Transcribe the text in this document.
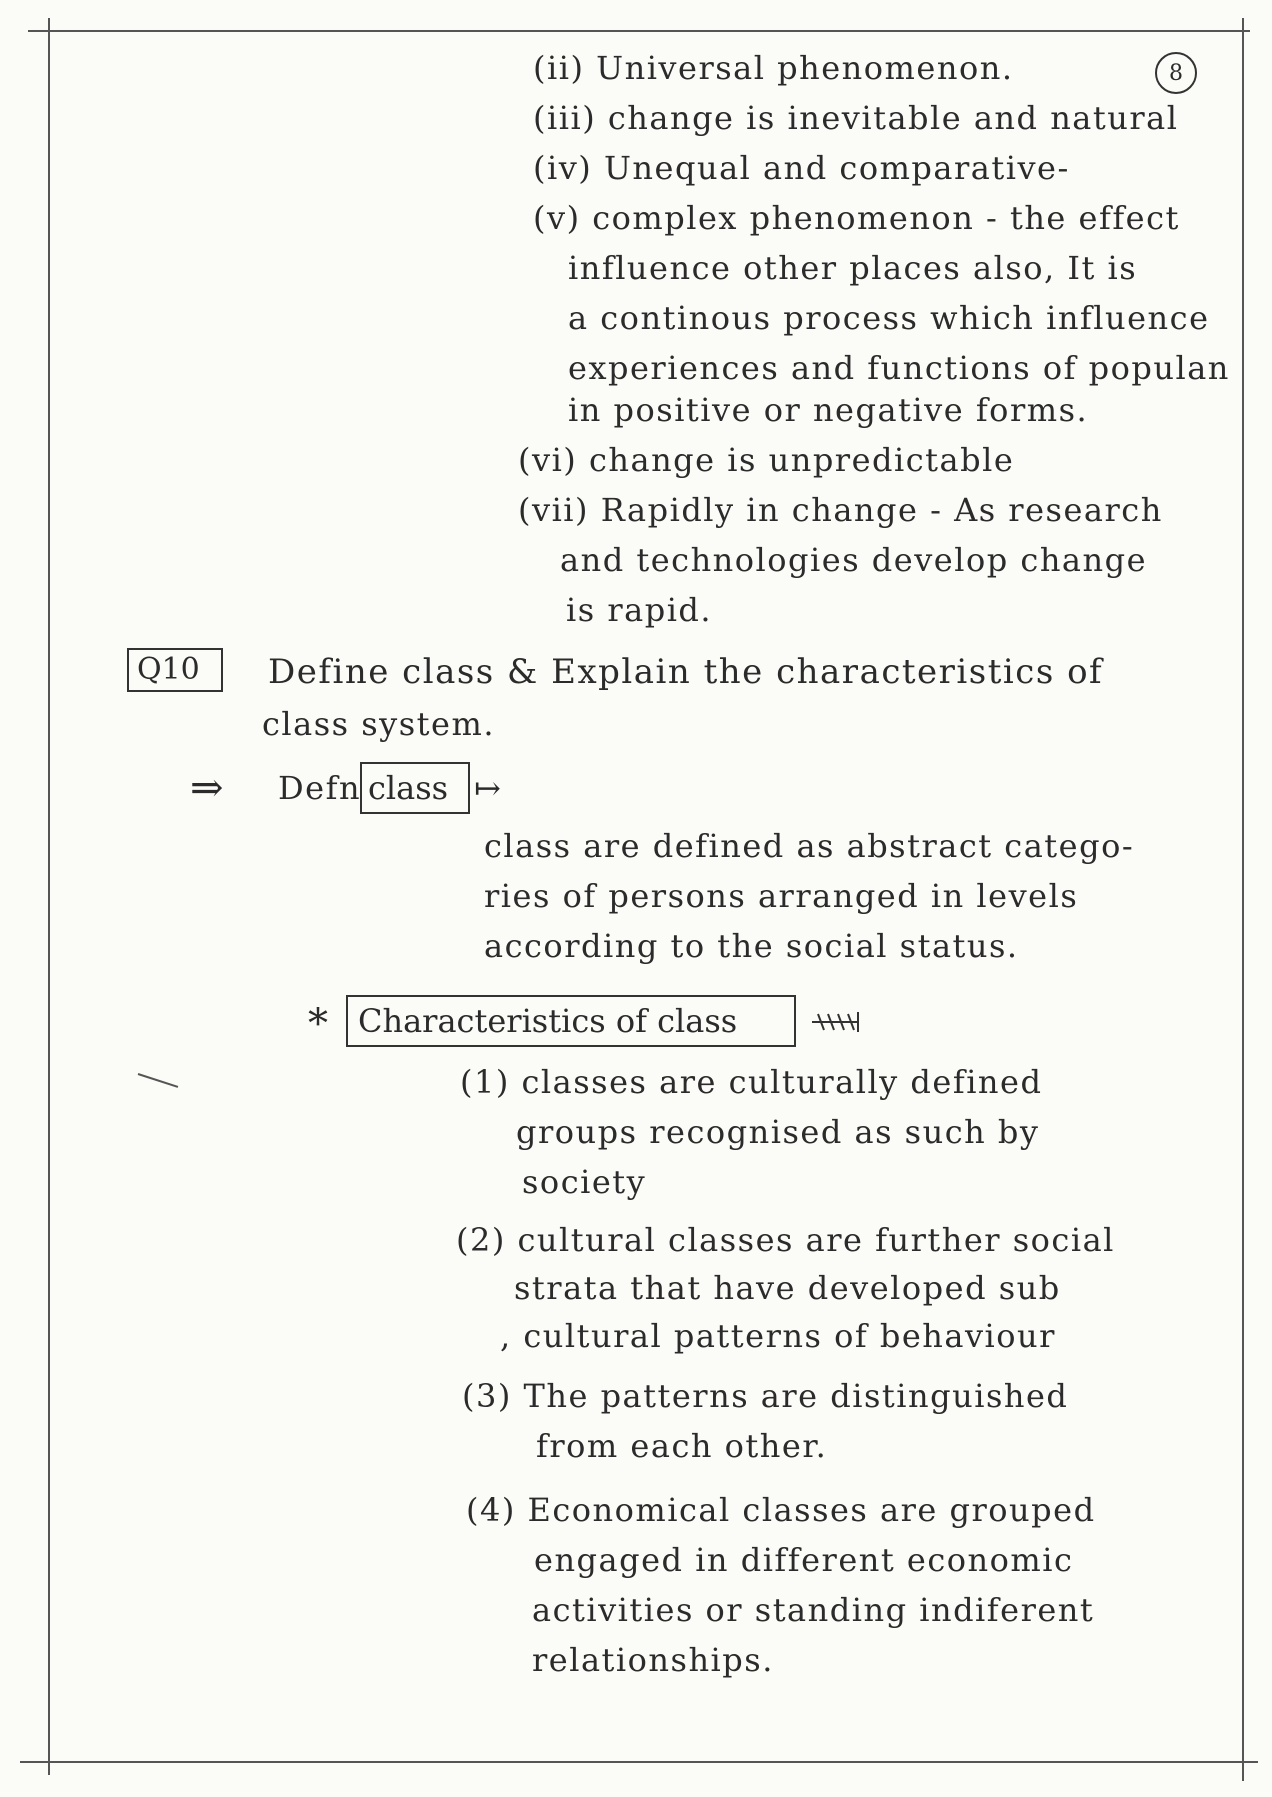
8
(ii) Universal phenomenon.
(iii) change is inevitable and natural
(iv) Unequal and comparative-
(v) complex phenomenon - the effect
influence other places also, It is
a continous process which influence
experiences and functions of populan
in positive or negative forms.
(vi) change is unpredictable
(vii) Rapidly in change - As research
and technologies develop change
is rapid.
Q10 Define class & Explain the characteristics of
class system.
⇒ Defn class ↦
class are defined as abstract catego-
ries of persons arranged in levels
according to the social status.
* Characteristics of class
(1) classes are culturally defined
groups recognised as such by
society
(2) cultural classes are further social
strata that have developed sub
, cultural patterns of behaviour
(3) The patterns are distinguished
from each other.
(4) Economical classes are grouped
engaged in different economic
activities or standing indiferent
relationships.
